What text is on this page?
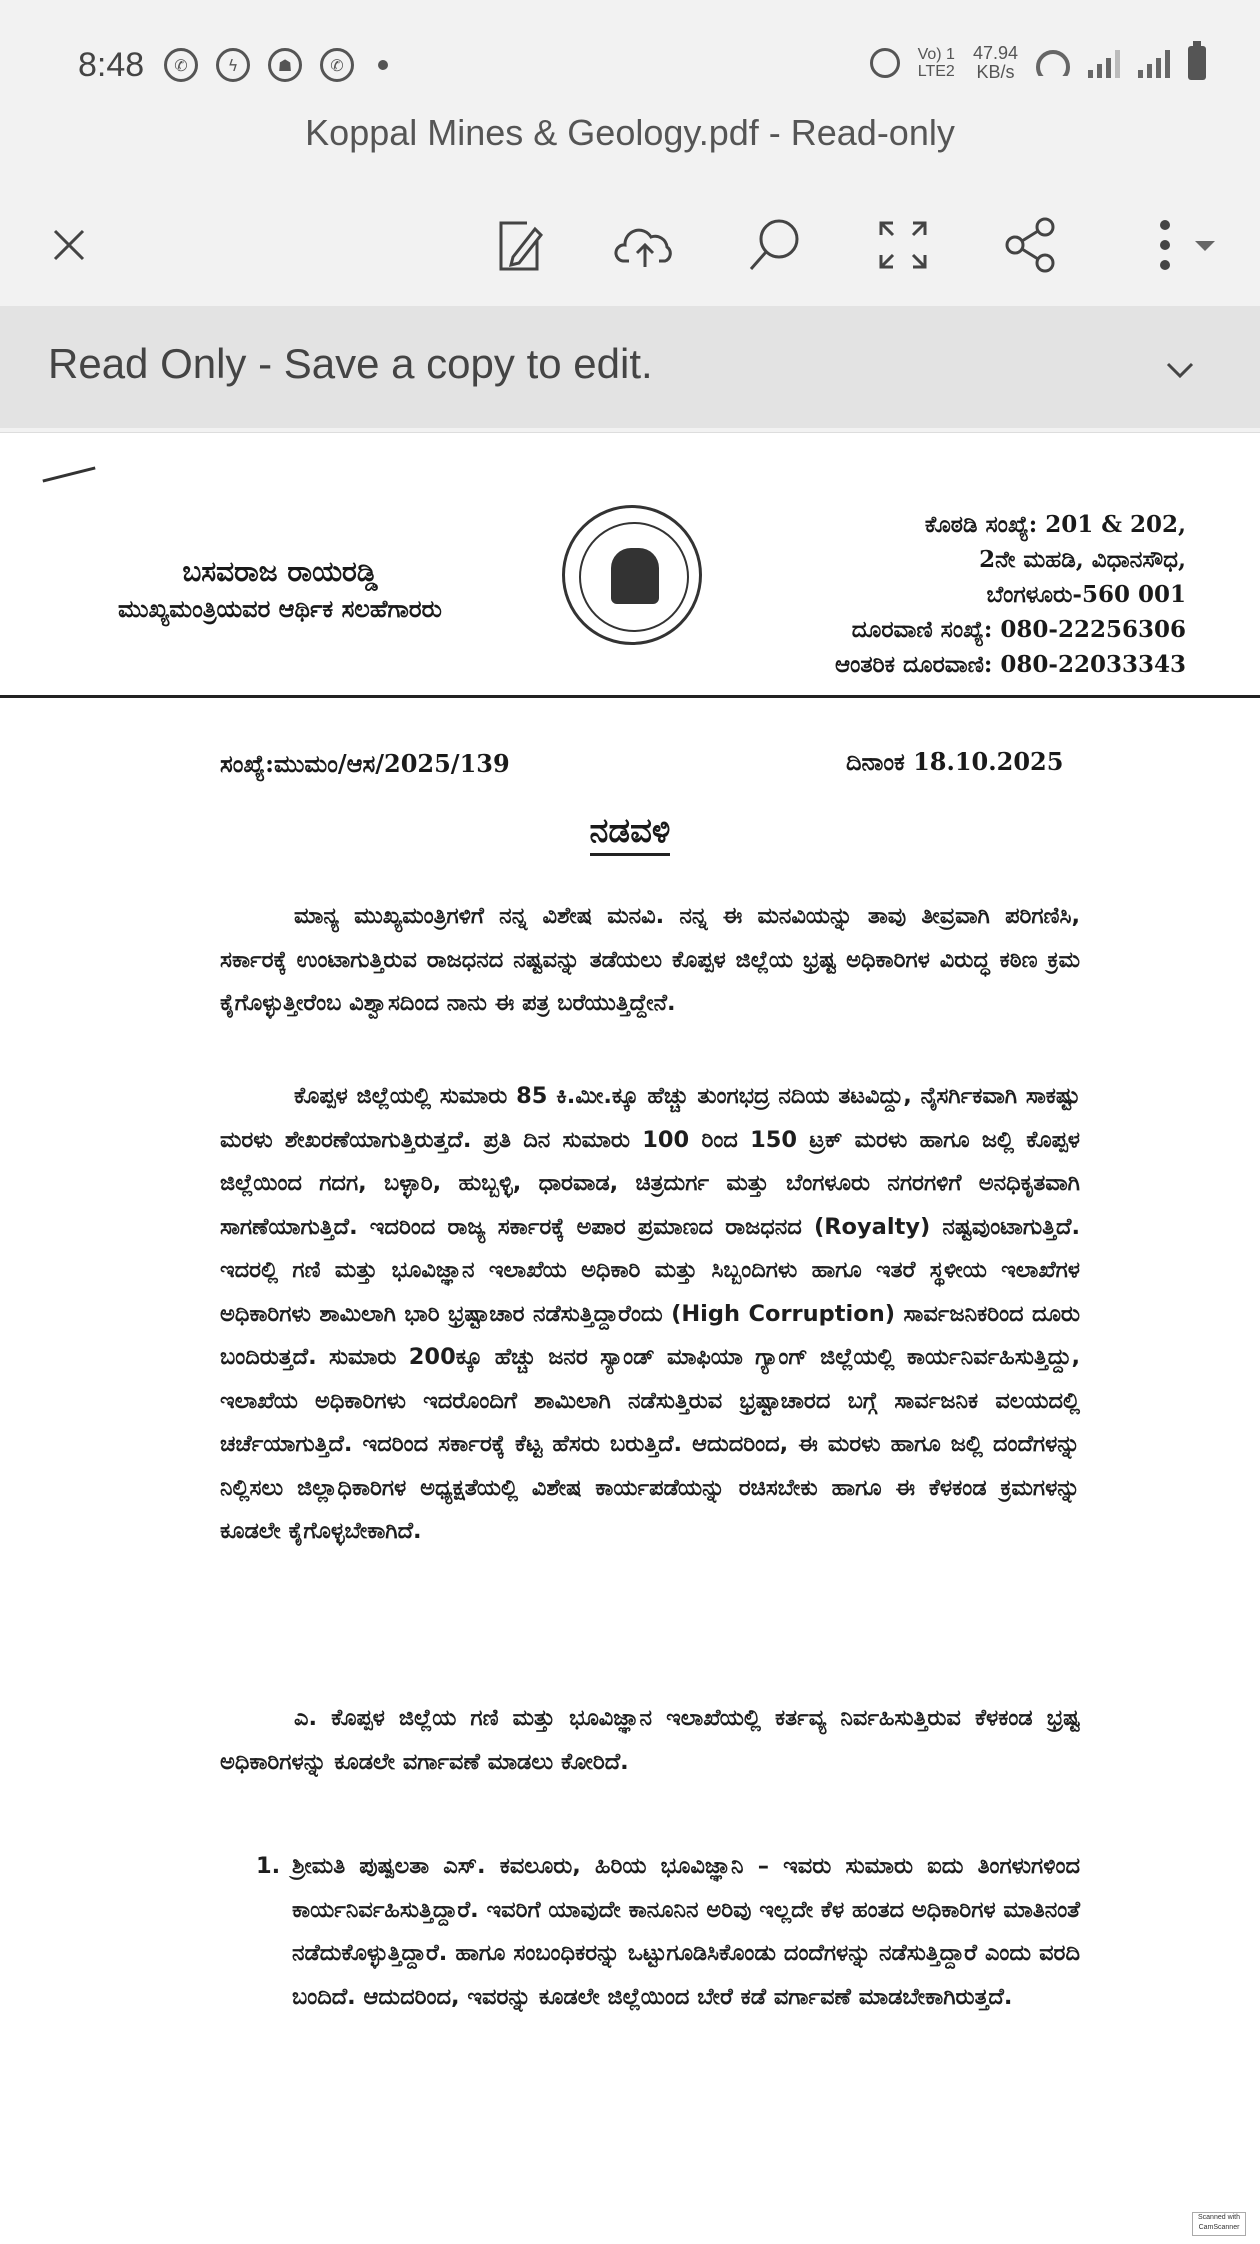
8:48	✆	ϟ	☗	✆
Vo) 1
LTE2
47.94
KB/s
Koppal Mines & Geology.pdf - Read-only
Read Only - Save a copy to edit.
ಬಸವರಾಜ ರಾಯರಡ್ಡಿ
ಮುಖ್ಯಮಂತ್ರಿಯವರ ಆರ್ಥಿಕ ಸಲಹೆಗಾರರು
ಕೊಠಡಿ ಸಂಖ್ಯೆ: 201 & 202,
2ನೇ ಮಹಡಿ, ವಿಧಾನಸೌಧ,
ಬೆಂಗಳೂರು-560 001
ದೂರವಾಣಿ ಸಂಖ್ಯೆ: 080-22256306
ಆಂತರಿಕ ದೂರವಾಣಿ: 080-22033343
ಸಂಖ್ಯೆ:ಮುಮಂ/ಆಸ/2025/139	ದಿನಾಂಕ 18.10.2025
ನಡವಳಿ
ಮಾನ್ಯ ಮುಖ್ಯಮಂತ್ರಿಗಳಿಗೆ ನನ್ನ ವಿಶೇಷ ಮನವಿ. ನನ್ನ ಈ ಮನವಿಯನ್ನು ತಾವು ತೀವ್ರವಾಗಿ ಪರಿಗಣಿಸಿ, ಸರ್ಕಾರಕ್ಕೆ ಉಂಟಾಗುತ್ತಿರುವ ರಾಜಧನದ ನಷ್ಟವನ್ನು ತಡೆಯಲು ಕೊಪ್ಪಳ ಜಿಲ್ಲೆಯ ಭ್ರಷ್ಟ ಅಧಿಕಾರಿಗಳ ವಿರುದ್ಧ ಕಠಿಣ ಕ್ರಮ ಕೈಗೊಳ್ಳುತ್ತೀರೆಂಬ ವಿಶ್ವಾಸದಿಂದ ನಾನು ಈ ಪತ್ರ ಬರೆಯುತ್ತಿದ್ದೇನೆ.
ಕೊಪ್ಪಳ ಜಿಲ್ಲೆಯಲ್ಲಿ ಸುಮಾರು 85 ಕಿ.ಮೀ.ಕ್ಕೂ ಹೆಚ್ಚು ತುಂಗಭದ್ರ ನದಿಯ ತಟವಿದ್ದು, ನೈಸರ್ಗಿಕವಾಗಿ ಸಾಕಷ್ಟು ಮರಳು ಶೇಖರಣೆಯಾಗುತ್ತಿರುತ್ತದೆ. ಪ್ರತಿ ದಿನ ಸುಮಾರು 100 ರಿಂದ 150 ಟ್ರಕ್ ಮರಳು ಹಾಗೂ ಜಲ್ಲಿ ಕೊಪ್ಪಳ ಜಿಲ್ಲೆಯಿಂದ ಗದಗ, ಬಳ್ಳಾರಿ, ಹುಬ್ಬಳ್ಳಿ, ಧಾರವಾಡ, ಚಿತ್ರದುರ್ಗ ಮತ್ತು ಬೆಂಗಳೂರು ನಗರಗಳಿಗೆ ಅನಧಿಕೃತವಾಗಿ ಸಾಗಣೆಯಾಗುತ್ತಿದೆ. ಇದರಿಂದ ರಾಜ್ಯ ಸರ್ಕಾರಕ್ಕೆ ಅಪಾರ ಪ್ರಮಾಣದ ರಾಜಧನದ (Royalty) ನಷ್ಟವುಂಟಾಗುತ್ತಿದೆ. ಇದರಲ್ಲಿ ಗಣಿ ಮತ್ತು ಭೂವಿಜ್ಞಾನ ಇಲಾಖೆಯ ಅಧಿಕಾರಿ ಮತ್ತು ಸಿಬ್ಬಂದಿಗಳು ಹಾಗೂ ಇತರೆ ಸ್ಥಳೀಯ ಇಲಾಖೆಗಳ ಅಧಿಕಾರಿಗಳು ಶಾಮಿಲಾಗಿ ಭಾರಿ ಭ್ರಷ್ಟಾಚಾರ ನಡೆಸುತ್ತಿದ್ದಾರೆಂದು (High Corruption) ಸಾರ್ವಜನಿಕರಿಂದ ದೂರು ಬಂದಿರುತ್ತದೆ. ಸುಮಾರು 200ಕ್ಕೂ ಹೆಚ್ಚು ಜನರ ಸ್ಯಾಂಡ್ ಮಾಫಿಯಾ ಗ್ಯಾಂಗ್ ಜಿಲ್ಲೆಯಲ್ಲಿ ಕಾರ್ಯನಿರ್ವಹಿಸುತ್ತಿದ್ದು, ಇಲಾಖೆಯ ಅಧಿಕಾರಿಗಳು ಇದರೊಂದಿಗೆ ಶಾಮಿಲಾಗಿ ನಡೆಸುತ್ತಿರುವ ಭ್ರಷ್ಟಾಚಾರದ ಬಗ್ಗೆ ಸಾರ್ವಜನಿಕ ವಲಯದಲ್ಲಿ ಚರ್ಚೆಯಾಗುತ್ತಿದೆ. ಇದರಿಂದ ಸರ್ಕಾರಕ್ಕೆ ಕೆಟ್ಟ ಹೆಸರು ಬರುತ್ತಿದೆ. ಆದುದರಿಂದ, ಈ ಮರಳು ಹಾಗೂ ಜಲ್ಲಿ ದಂದೆಗಳನ್ನು ನಿಲ್ಲಿಸಲು ಜಿಲ್ಲಾಧಿಕಾರಿಗಳ ಅಧ್ಯಕ್ಷತೆಯಲ್ಲಿ ವಿಶೇಷ ಕಾರ್ಯಪಡೆಯನ್ನು ರಚಿಸಬೇಕು ಹಾಗೂ ಈ ಕೆಳಕಂಡ ಕ್ರಮಗಳನ್ನು ಕೂಡಲೇ ಕೈಗೊಳ್ಳಬೇಕಾಗಿದೆ.
ಎ. ಕೊಪ್ಪಳ ಜಿಲ್ಲೆಯ ಗಣಿ ಮತ್ತು ಭೂವಿಜ್ಞಾನ ಇಲಾಖೆಯಲ್ಲಿ ಕರ್ತವ್ಯ ನಿರ್ವಹಿಸುತ್ತಿರುವ ಕೆಳಕಂಡ ಭ್ರಷ್ಟ ಅಧಿಕಾರಿಗಳನ್ನು ಕೂಡಲೇ ವರ್ಗಾವಣೆ ಮಾಡಲು ಕೋರಿದೆ.
1. ಶ್ರೀಮತಿ ಪುಷ್ಪಲತಾ ಎಸ್. ಕವಲೂರು, ಹಿರಿಯ ಭೂವಿಜ್ಞಾನಿ – ಇವರು ಸುಮಾರು ಐದು ತಿಂಗಳುಗಳಿಂದ ಕಾರ್ಯನಿರ್ವಹಿಸುತ್ತಿದ್ದಾರೆ. ಇವರಿಗೆ ಯಾವುದೇ ಕಾನೂನಿನ ಅರಿವು ಇಲ್ಲದೇ ಕೆಳ ಹಂತದ ಅಧಿಕಾರಿಗಳ ಮಾತಿನಂತೆ ನಡೆದುಕೊಳ್ಳುತ್ತಿದ್ದಾರೆ. ಹಾಗೂ ಸಂಬಂಧಿಕರನ್ನು ಒಟ್ಟುಗೂಡಿಸಿಕೊಂಡು ದಂದೆಗಳನ್ನು ನಡೆಸುತ್ತಿದ್ದಾರೆ ಎಂದು ವರದಿ ಬಂದಿದೆ. ಆದುದರಿಂದ, ಇವರನ್ನು ಕೂಡಲೇ ಜಿಲ್ಲೆಯಿಂದ ಬೇರೆ ಕಡೆ ವರ್ಗಾವಣೆ ಮಾಡಬೇಕಾಗಿರುತ್ತದೆ.
Scanned with
CamScanner
